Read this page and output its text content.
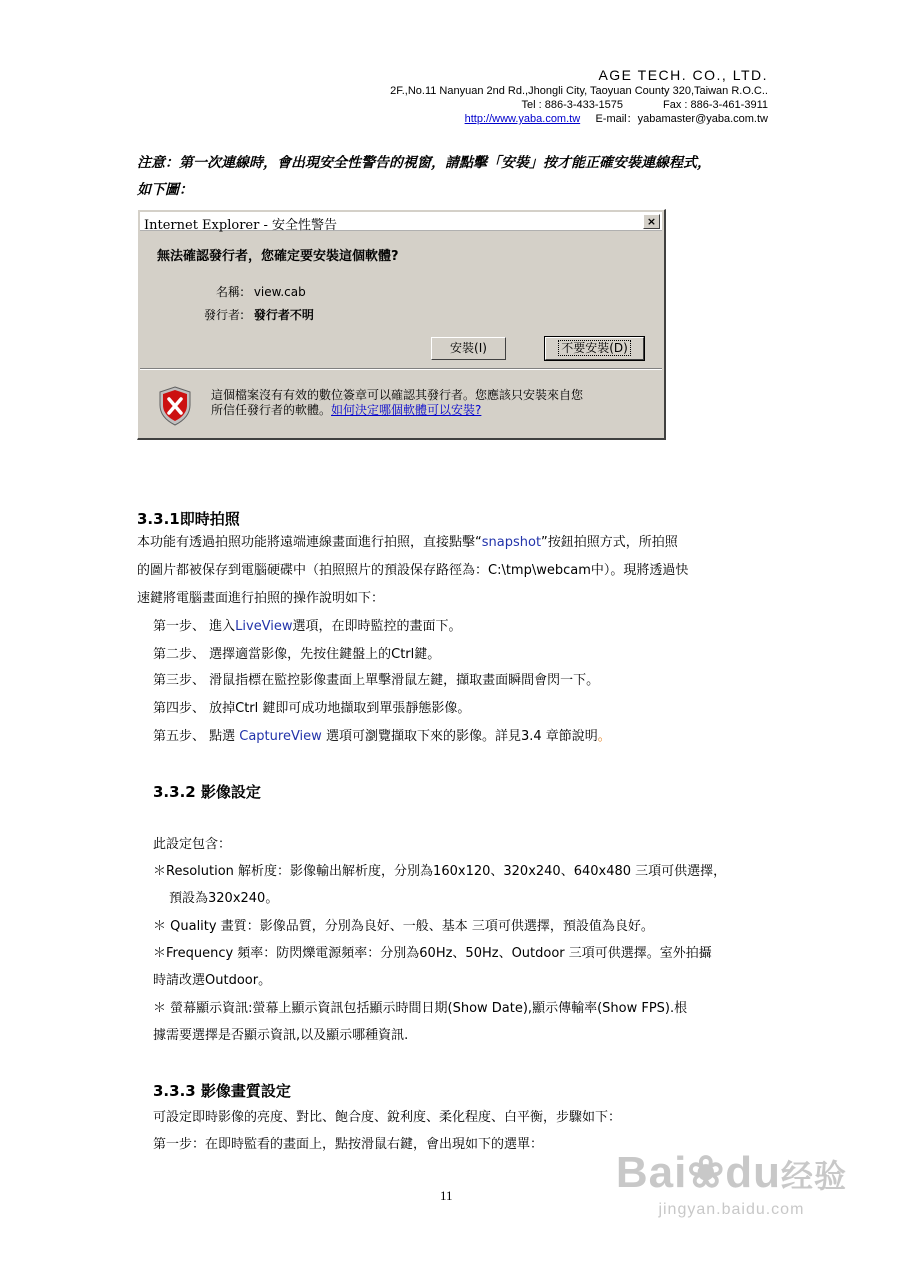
AGE TECH. CO., LTD.
2F.,No.11 Nanyuan 2nd Rd.,Jhongli City, Taoyuan County 320,Taiwan R.O.C..
Tel : 886-3-433-1575	Fax : 886-3-461-3911
http://www.yaba.com.tw E-mail：yabamaster@yaba.com.tw
注意：第一次連線時，會出現安全性警告的視窗，請點擊「安裝」按才能正確安裝連線程式，
如下圖：
Internet Explorer - 安全性警告	×
無法確認發行者，您確定要安裝這個軟體?
名稱: view.cab
發行者: 發行者不明
安裝(I)	不要安裝(D)
這個檔案沒有有效的數位簽章可以確認其發行者。您應該只安裝來自您
所信任發行者的軟體。如何決定哪個軟體可以安裝?
3.3.1即時拍照
本功能有透過拍照功能將遠端連線畫面進行拍照，直接點擊“snapshot”按鈕拍照方式，所拍照
的圖片都被保存到電腦硬碟中（拍照照片的預設保存路徑為：C:\tmp\webcam中）。現將透過快
速鍵將電腦畫面進行拍照的操作說明如下：
第一步、 進入LiveView選項，在即時監控的畫面下。
第二步、 選擇適當影像，先按住鍵盤上的Ctrl鍵。
第三步、 滑鼠指標在監控影像畫面上單擊滑鼠左鍵，擷取畫面瞬間會閃一下。
第四步、 放掉Ctrl 鍵即可成功地擷取到單張靜態影像。
第五步、 點選 CaptureView 選項可瀏覽擷取下來的影像。詳見3.4 章節說明。
3.3.2 影像設定
此設定包含：
＊Resolution 解析度：影像輸出解析度，分別為160x120、320x240、640x480 三項可供選擇，
預設為320x240。
＊ Quality 畫質：影像品質，分別為良好、一般、基本 三項可供選擇，預設值為良好。
＊Frequency 頻率：防閃爍電源頻率：分別為60Hz、50Hz、Outdoor 三項可供選擇。室外拍攝
時請改選Outdoor。
＊ 螢幕顯示資訊:螢幕上顯示資訊包括顯示時間日期(Show Date),顯示傳輸率(Show FPS).根
據需要選擇是否顯示資訊,以及顯示哪種資訊.
3.3.3 影像畫質設定
可設定即時影像的亮度、對比、飽合度、銳利度、柔化程度、白平衡，步驟如下：
第一步：在即時監看的畫面上，點按滑鼠右鍵，會出現如下的選單：
11	Bai❀du经验
jingyan.baidu.com
